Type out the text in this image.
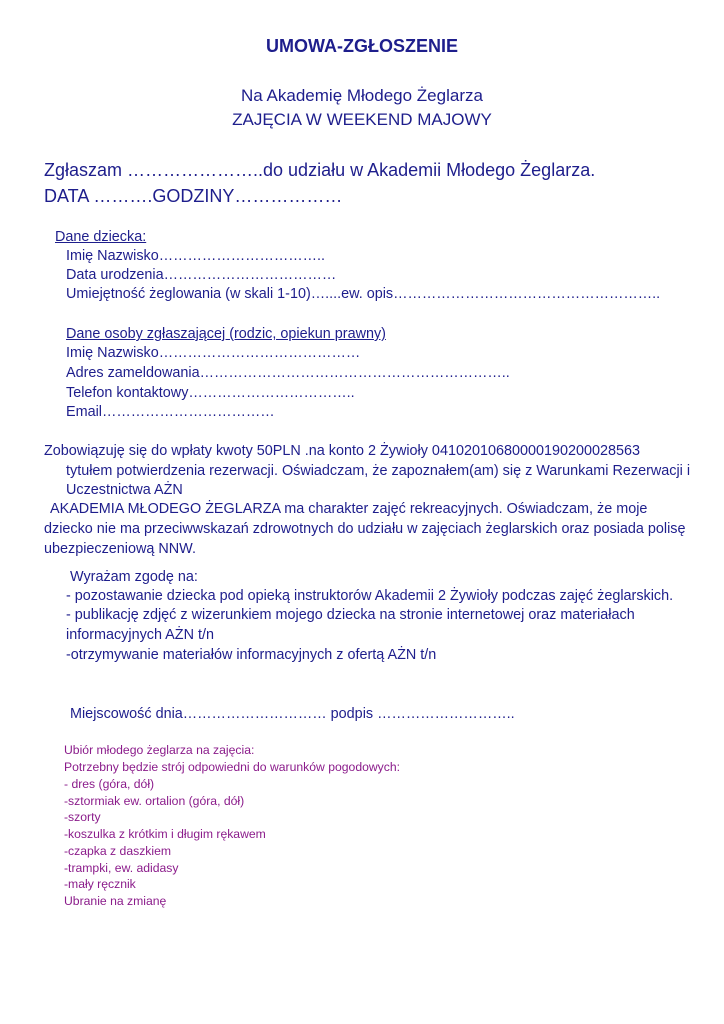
UMOWA-ZGŁOSZENIE
Na Akademię Młodego Żeglarza
ZAJĘCIA W WEEKEND MAJOWY
Zgłaszam …………………..do udziału w Akademii Młodego Żeglarza.
DATA ……….GODZINY………………
Dane dziecka:
Imię Nazwisko……………………………..
Data urodzenia………………………………
Umiejętność żeglowania (w skali 1-10)…....ew. opis………………………………………………..
Dane osoby zgłaszającej (rodzic, opiekun prawny)
Imię Nazwisko……………………………………
Adres zameldowania………………………………………………………..
Telefon kontaktowy……………………………..
Email………………………………
Zobowiązuję się do wpłaty kwoty 50PLN .na konto 2 Żywioły 04102010680000190200028563
tytułem potwierdzenia rezerwacji. Oświadczam, że zapoznałem(am) się z Warunkami Rezerwacji i
Uczestnictwa AŻN
AKADEMIA MŁODEGO ŻEGLARZA ma charakter zajęć rekreacyjnych. Oświadczam, że moje
dziecko nie ma przeciwwskazań zdrowotnych do udziału w zajęciach żeglarskich oraz posiada polisę
ubezpieczeniową NNW.
Wyrażam zgodę na:
- pozostawanie dziecka pod opieką instruktorów Akademii 2 Żywioły podczas zajęć żeglarskich.
- publikację zdjęć z wizerunkiem mojego dziecka na stronie internetowej oraz materiałach
informacyjnych AŻN t/n
-otrzymywanie materiałów informacyjnych z ofertą AŻN t/n
Miejscowość dnia………………………… podpis ………………………..
Ubiór młodego żeglarza na zajęcia:
Potrzebny będzie strój odpowiedni do warunków pogodowych:
- dres (góra, dół)
-sztormiak ew. ortalion (góra, dół)
-szorty
-koszulka z krótkim i długim rękawem
-czapka z daszkiem
-trampki, ew. adidasy
-mały ręcznik
Ubranie na zmianę
